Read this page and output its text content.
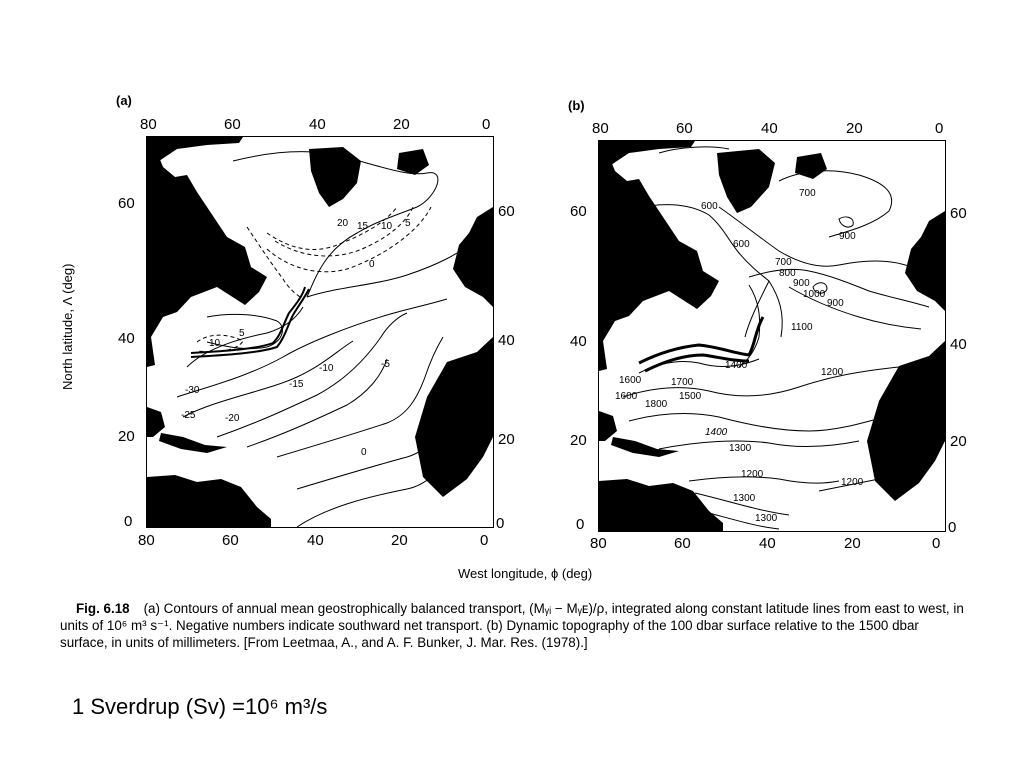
(a)
80	60	40	20	0
60
40
20
0
60
40
20
0
80	60	40	20	0
20 15 10 5
0
5
10
-30
-25	-20
-15
-10	-5
0
(b)
80	60	40	20	0
60
40
20
0
60
40
20
0
80	60	40	20	0
700
600
600
900
700
800
900
1000
900
1100
1400
1700
1600
1600
1800
1500
1200
1400
1300
1200
1200
1300
1300
North latitude, Λ (deg)
West longitude, ϕ (deg)
Fig. 6.18 (a) Contours of annual mean geostrophically balanced transport, (Mᵧᵢ − Mᵧᴇ)/ρ, integrated along constant latitude lines from east to west, in units of 10⁶ m³ s⁻¹. Negative numbers indicate southward net transport. (b) Dynamic topography of the 100 dbar surface relative to the 1500 dbar surface, in units of millimeters. [From Leetmaa, A., and A. F. Bunker, J. Mar. Res. (1978).]
1 Sverdrup (Sv) =10⁶ m³/s
